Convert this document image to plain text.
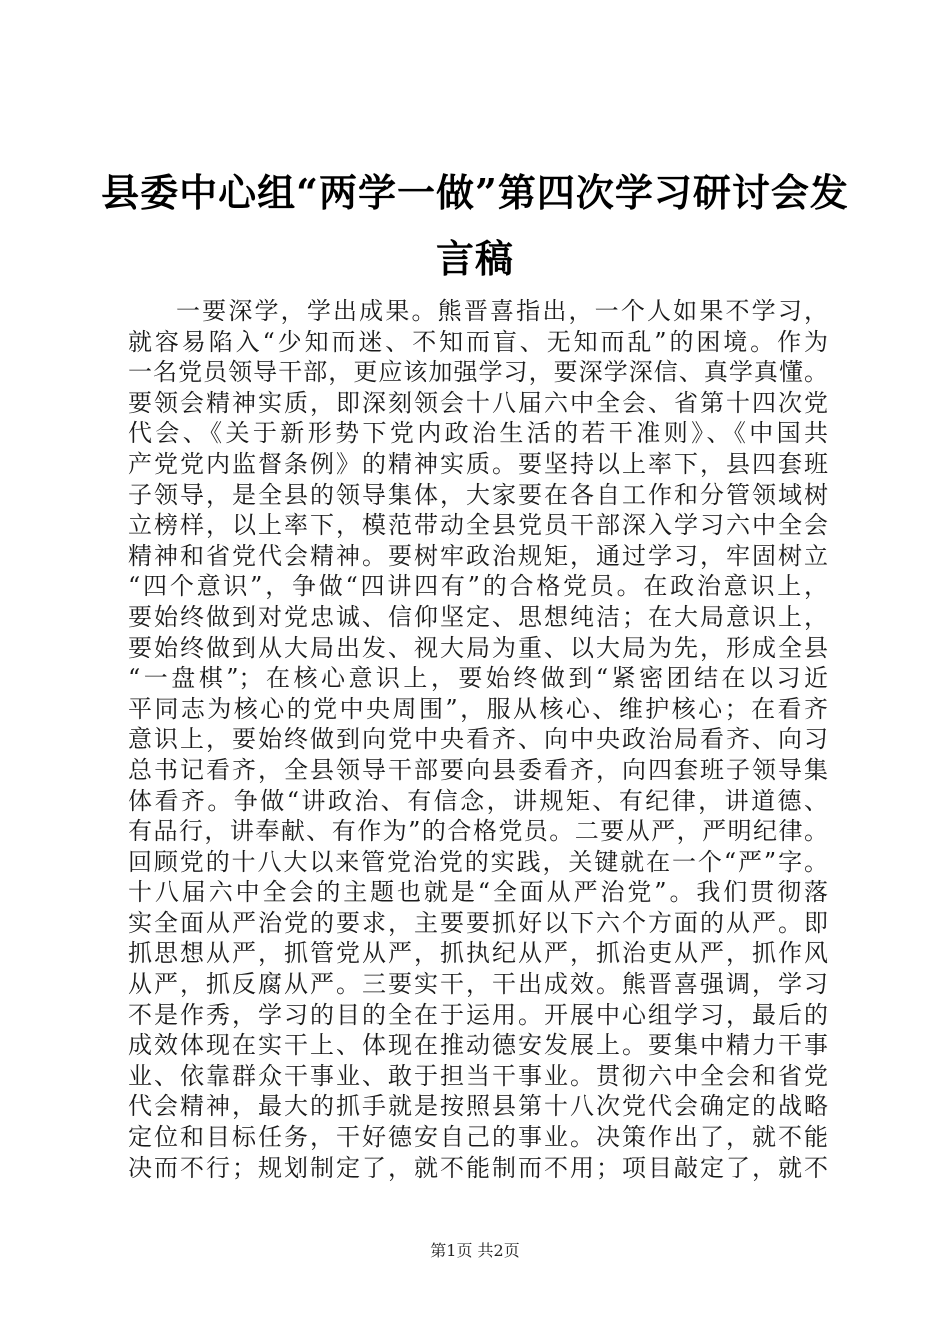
县委中心组“两学一做”第四次学习研讨会发
言稿
一要深学，学出成果。熊晋喜指出，一个人如果不学习，
就容易陷入“少知而迷、不知而盲、无知而乱”的困境。作为
一名党员领导干部，更应该加强学习，要深学深信、真学真懂。
要领会精神实质，即深刻领会十八届六中全会、省第十四次党
代会、《关于新形势下党内政治生活的若干准则》、《中国共
产党党内监督条例》的精神实质。要坚持以上率下，县四套班
子领导，是全县的领导集体，大家要在各自工作和分管领域树
立榜样，以上率下，模范带动全县党员干部深入学习六中全会
精神和省党代会精神。要树牢政治规矩，通过学习，牢固树立
“四个意识”，争做“四讲四有”的合格党员。在政治意识上，
要始终做到对党忠诚、信仰坚定、思想纯洁；在大局意识上，
要始终做到从大局出发、视大局为重、以大局为先，形成全县
“一盘棋”；在核心意识上，要始终做到“紧密团结在以习近
平同志为核心的党中央周围”，服从核心、维护核心；在看齐
意识上，要始终做到向党中央看齐、向中央政治局看齐、向习
总书记看齐，全县领导干部要向县委看齐，向四套班子领导集
体看齐。争做“讲政治、有信念，讲规矩、有纪律，讲道德、
有品行，讲奉献、有作为”的合格党员。二要从严，严明纪律。
回顾党的十八大以来管党治党的实践，关键就在一个“严”字。
十八届六中全会的主题也就是“全面从严治党”。我们贯彻落
实全面从严治党的要求，主要要抓好以下六个方面的从严。即
抓思想从严，抓管党从严，抓执纪从严，抓治吏从严，抓作风
从严，抓反腐从严。三要实干，干出成效。熊晋喜强调，学习
不是作秀，学习的目的全在于运用。开展中心组学习，最后的
成效体现在实干上、体现在推动德安发展上。要集中精力干事
业、依靠群众干事业、敢于担当干事业。贯彻六中全会和省党
代会精神，最大的抓手就是按照县第十八次党代会确定的战略
定位和目标任务，干好德安自己的事业。决策作出了，就不能
决而不行；规划制定了，就不能制而不用；项目敲定了，就不
第1页 共2页
